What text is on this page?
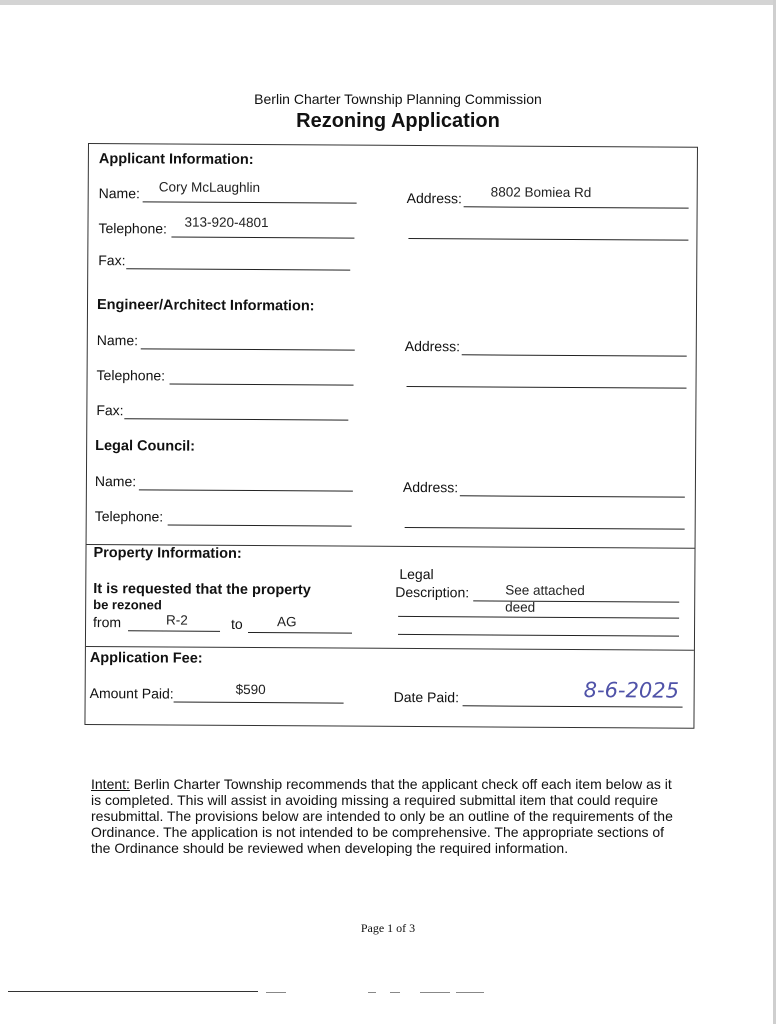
Berlin Charter Township Planning Commission
Rezoning Application
Applicant Information:
Name: Cory McLaughlin
Address: 8802 Bomiea Rd
Telephone: 313-920-4801
Fax:
Engineer/Architect Information:
Name:	Address:
Telephone:
Fax:
Legal Council:
Name:	Address:
Telephone:
Property Information:
It is requested that the property
be rezoned
from	R-2	to	AG
Legal
Description:	See attached
deed
Application Fee:
Amount Paid:	$590	Date Paid:	8-6-2025
Intent: Berlin Charter Township recommends that the applicant check off each item below as it is completed. This will assist in avoiding missing a required submittal item that could require resubmittal. The provisions below are intended to only be an outline of the requirements of the Ordinance. The application is not intended to be comprehensive. The appropriate sections of the Ordinance should be reviewed when developing the required information.
Page 1 of 3
